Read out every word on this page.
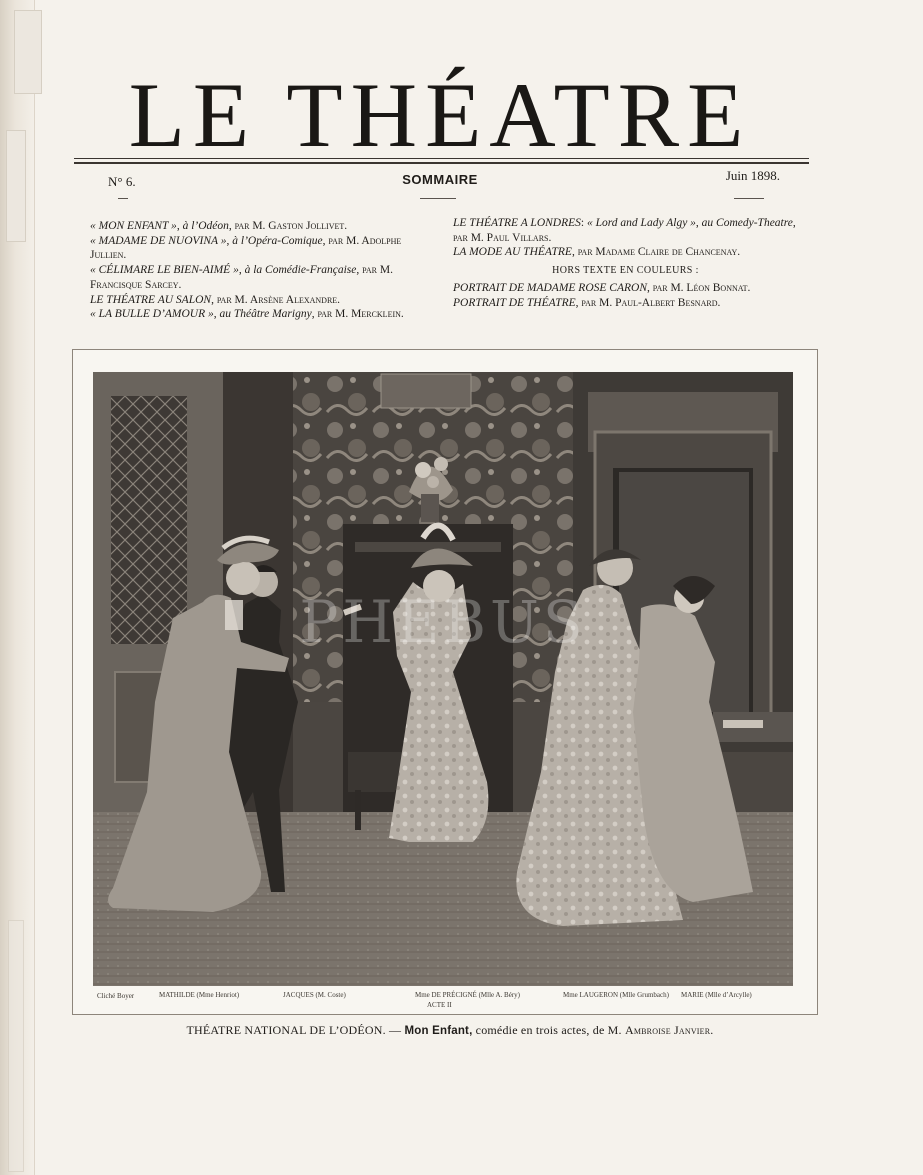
LE THÉATRE
N° 6.	SOMMAIRE	Juin 1898.

« MON ENFANT », à l’Odéon, par M. Gaston Jollivet.

« MADAME DE NUOVINA », à l’Opéra-Comique, par M. Adolphe Jullien.

« CÉLIMARE LE BIEN-AIMÉ », à la Comédie-Française, par M. Francisque Sarcey.

LE THÉATRE AU SALON, par M. Arsène Alexandre.

« LA BULLE D’AMOUR », au Théâtre Marigny, par M. Mercklein.

LE THÉATRE A LONDRES: « Lord and Lady Algy », au Comedy-Theatre, par M. Paul Villars.

LA MODE AU THÉATRE, par Madame Claire de Chancenay.

HORS TEXTE EN COULEURS :

PORTRAIT DE MADAME ROSE CARON, par M. Léon Bonnat.

PORTRAIT DE THÉATRE, par M. Paul-Albert Besnard.

PHEBUS
Cliché Boyer	MATHILDE (Mme Henriot)	JACQUES (M. Coste)	Mme DE PRÉCIGNÉ (Mlle A. Béry)	Mme LAUGERON (Mlle Grumbach) MARIE (Mlle d’Arcylle)
ACTE II
THÉATRE NATIONAL DE L’ODÉON. — Mon Enfant, comédie en trois actes, de M. Ambroise Janvier.
